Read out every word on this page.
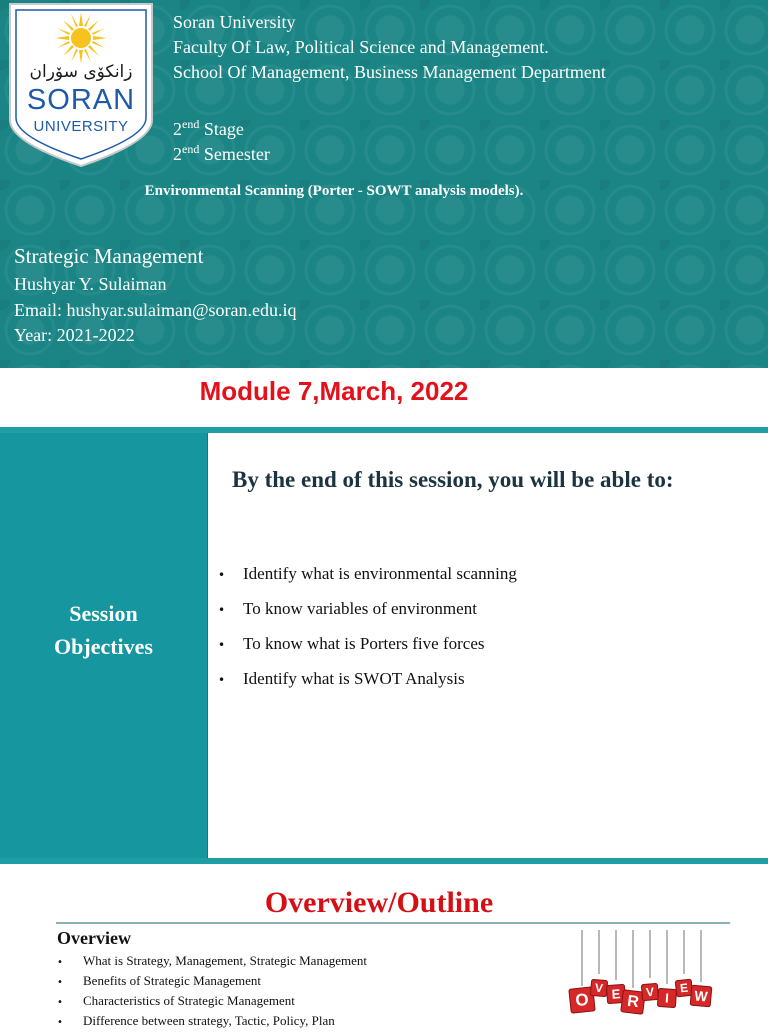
زانكۆی سۆران
SORAN
UNIVERSITY
Soran University
Faculty Of Law, Political Science and Management.
School Of Management, Business Management Department
$2^{end}$ Stage
$2^{end}$ Semester
Environmental Scanning (Porter - SOWT analysis models).
Strategic Management
Hushyar Y. Sulaiman
Email: hushyar.sulaiman@soran.edu.iq
Year: 2021-2022
Module 7,March, 2022
Session
Objectives
By the end of this session, you will be able to:
• Identify what is environmental scanning
• To know variables of environment
• To know what is Porters five forces
• Identify what is SWOT Analysis
Overview/Outline
Overview
• What is Strategy, Management, Strategic Management
• Benefits of Strategic Management
• Characteristics of Strategic Management
• Difference between strategy, Tactic, Policy, Plan
O
V E R
V I
E W
